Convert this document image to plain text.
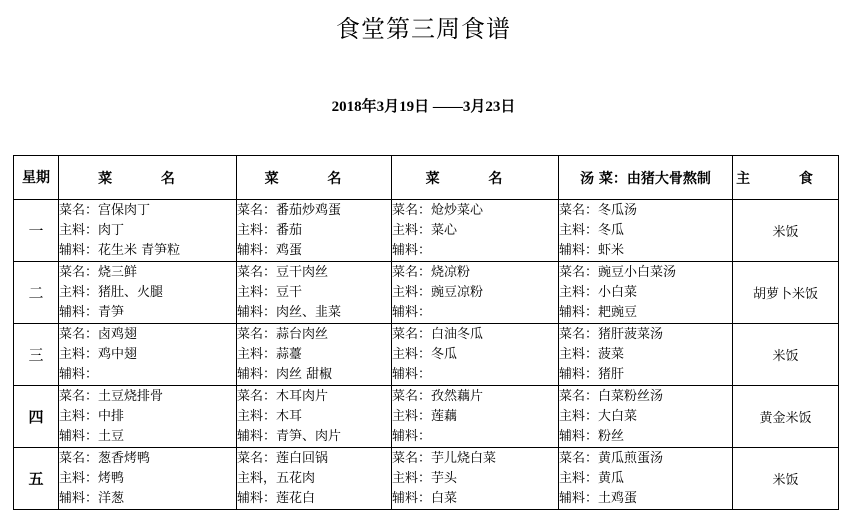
食堂第三周食谱
2018年3月19日 ——3月23日
星期	菜 名	菜 名	菜 名	汤 菜：由猪大骨熬制	主 食
一	菜名：宫保肉丁
主料：肉丁
辅料：花生米 青笋粒	菜名：番茄炒鸡蛋
主料：番茄
辅料：鸡蛋	菜名：炝炒菜心
主料：菜心
辅料：	菜名：冬瓜汤
主料：冬瓜
辅料：虾米	米饭
二	菜名：烧三鲜
主料：猪肚、火腿
辅料：青笋	菜名：豆干肉丝
主料：豆干
辅料：肉丝、韭菜	菜名：烧凉粉
主料：豌豆凉粉
辅料：	菜名：豌豆小白菜汤
主料：小白菜
辅料：耙豌豆	胡萝卜米饭
三	菜名：卤鸡翅
主料：鸡中翅
辅料：	菜名：蒜台肉丝
主料：蒜薹
辅料：肉丝 甜椒	菜名：白油冬瓜
主料：冬瓜
辅料：	菜名：猪肝菠菜汤
主料：菠菜
辅料：猪肝	米饭
四	菜名：土豆烧排骨
主料：中排
辅料：土豆	菜名：木耳肉片
主料：木耳
辅料：青笋、肉片	菜名：孜然藕片
主料：莲藕
辅料：	菜名：白菜粉丝汤
主料：大白菜
辅料：粉丝	黄金米饭
五	菜名：葱香烤鸭
主料：烤鸭
辅料：洋葱	菜名：莲白回锅
主料，五花肉
辅料：莲花白	菜名：芋儿烧白菜
主料：芋头
辅料：白菜	菜名：黄瓜煎蛋汤
主料：黄瓜
辅料：土鸡蛋	米饭
